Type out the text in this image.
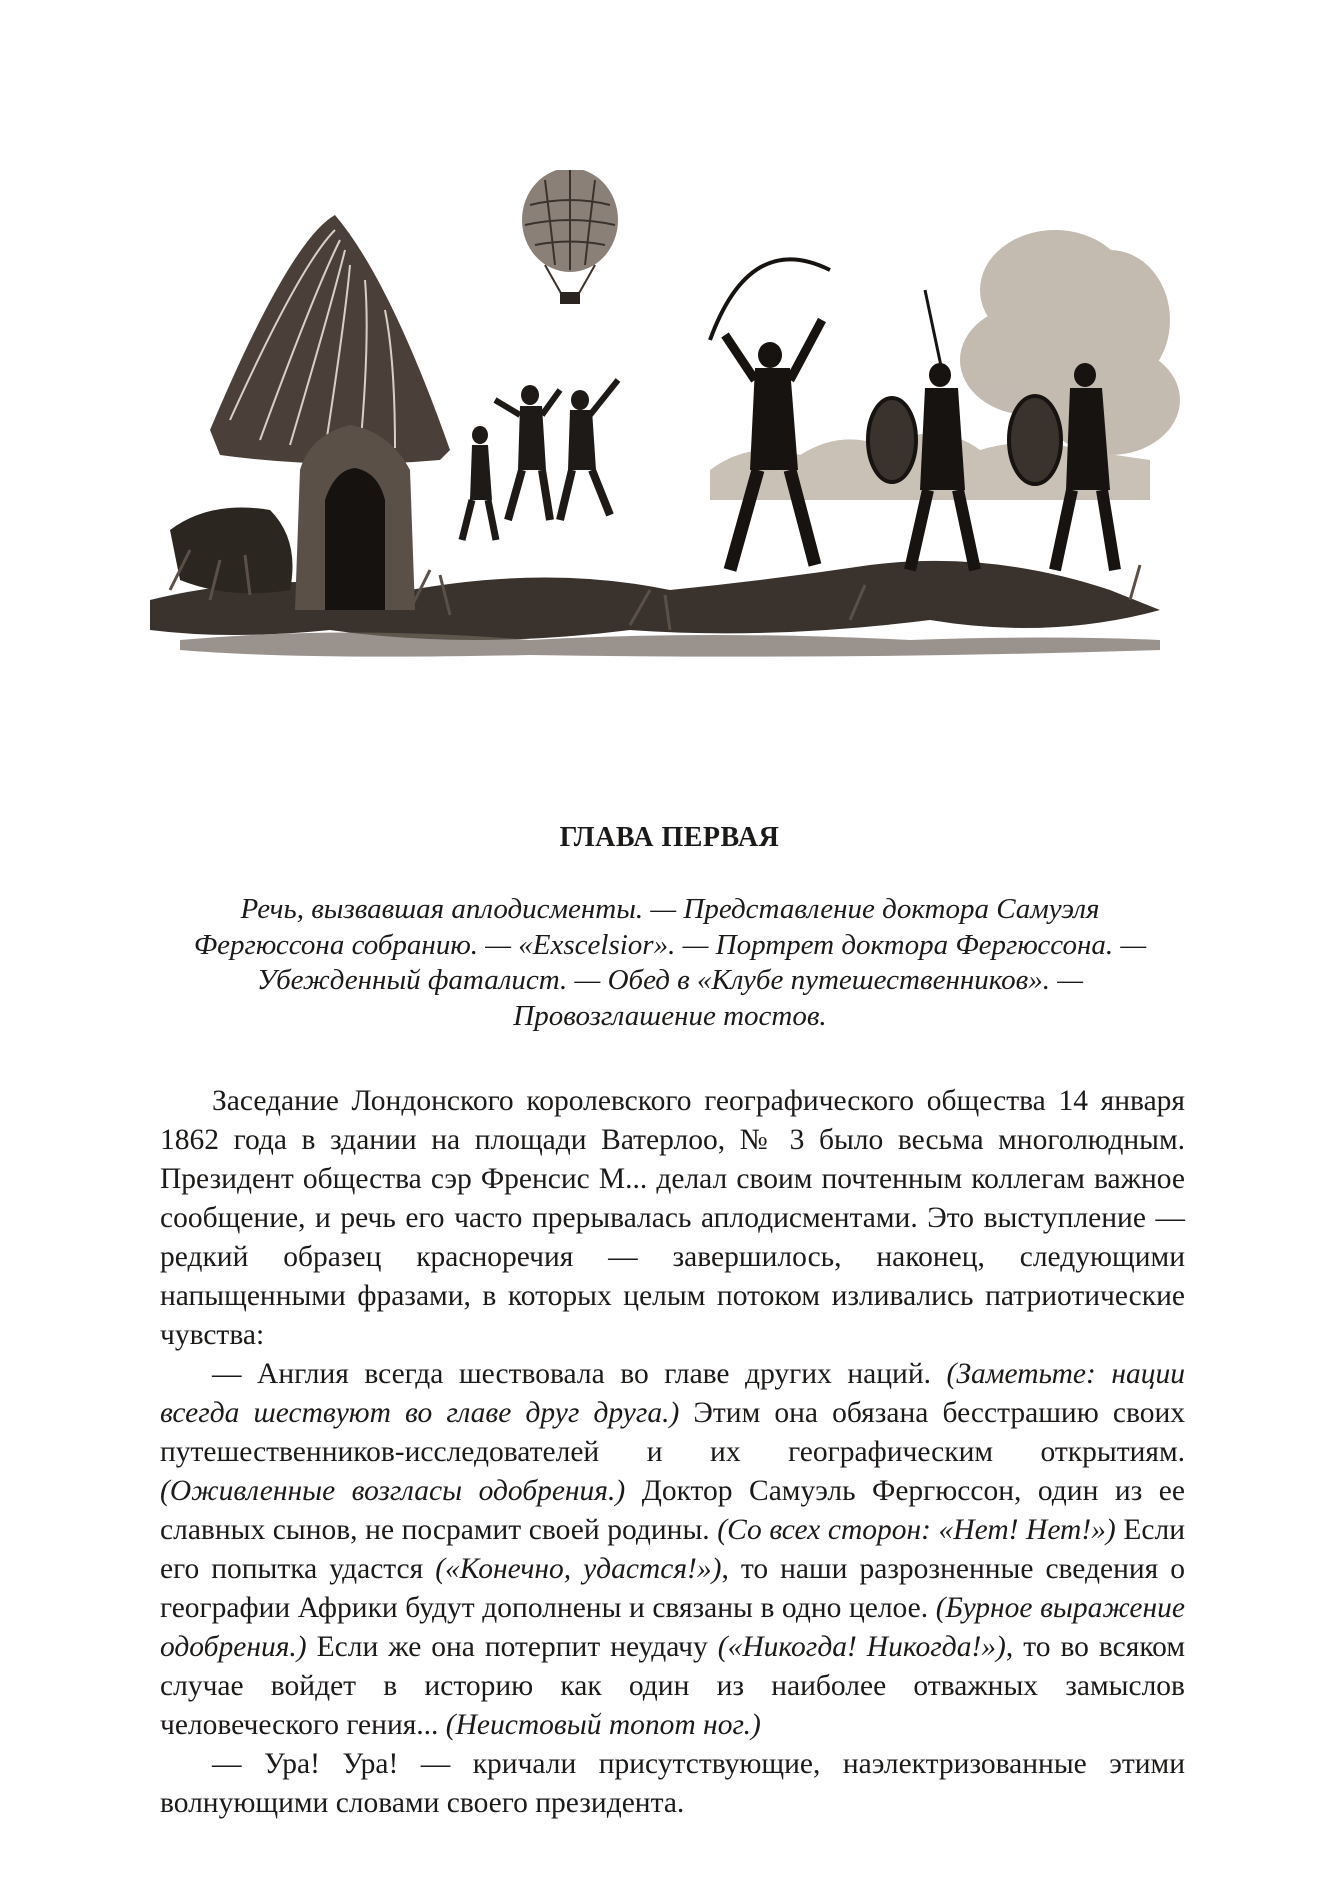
ГЛАВА ПЕРВАЯ
Речь, вызвавшая аплодисменты. — Представление доктора Самуэля
Фергюссона собранию. — «Exscelsior». — Портрет доктора Фергюссона. —
Убежденный фаталист. — Обед в «Клубе путешественников». —
Провозглашение тостов.

Заседание Лондонского королевского географического общества 14 января 1862 года в здании на площади Ватерлоо, № 3 было весьма многолюдным. Президент общества сэр Френсис М... делал своим почтенным коллегам важное сообщение, и речь его часто прерывалась аплодисментами. Это выступление — редкий образец красноречия — завершилось, наконец, следующими напыщенными фразами, в которых целым потоком изливались патриотические чувства:

— Англия всегда шествовала во главе других наций. (Заметьте: нации всегда шествуют во главе друг друга.) Этим она обязана бесстрашию своих путешественников-исследователей и их географическим открытиям. (Оживленные возгласы одобрения.) Доктор Самуэль Фергюссон, один из ее славных сынов, не посрамит своей родины. (Со всех сторон: «Нет! Нет!») Если его попытка удастся («Конечно, удастся!»), то наши разрозненные сведения о географии Африки будут дополнены и связаны в одно целое. (Бурное выражение одобрения.) Если же она потерпит неудачу («Никогда! Никогда!»), то во всяком случае войдет в историю как один из наиболее отважных замыслов человеческого гения... (Неистовый топот ног.)

— Ура! Ура! — кричали присутствующие, наэлектризованные этими волнующими словами своего президента.
